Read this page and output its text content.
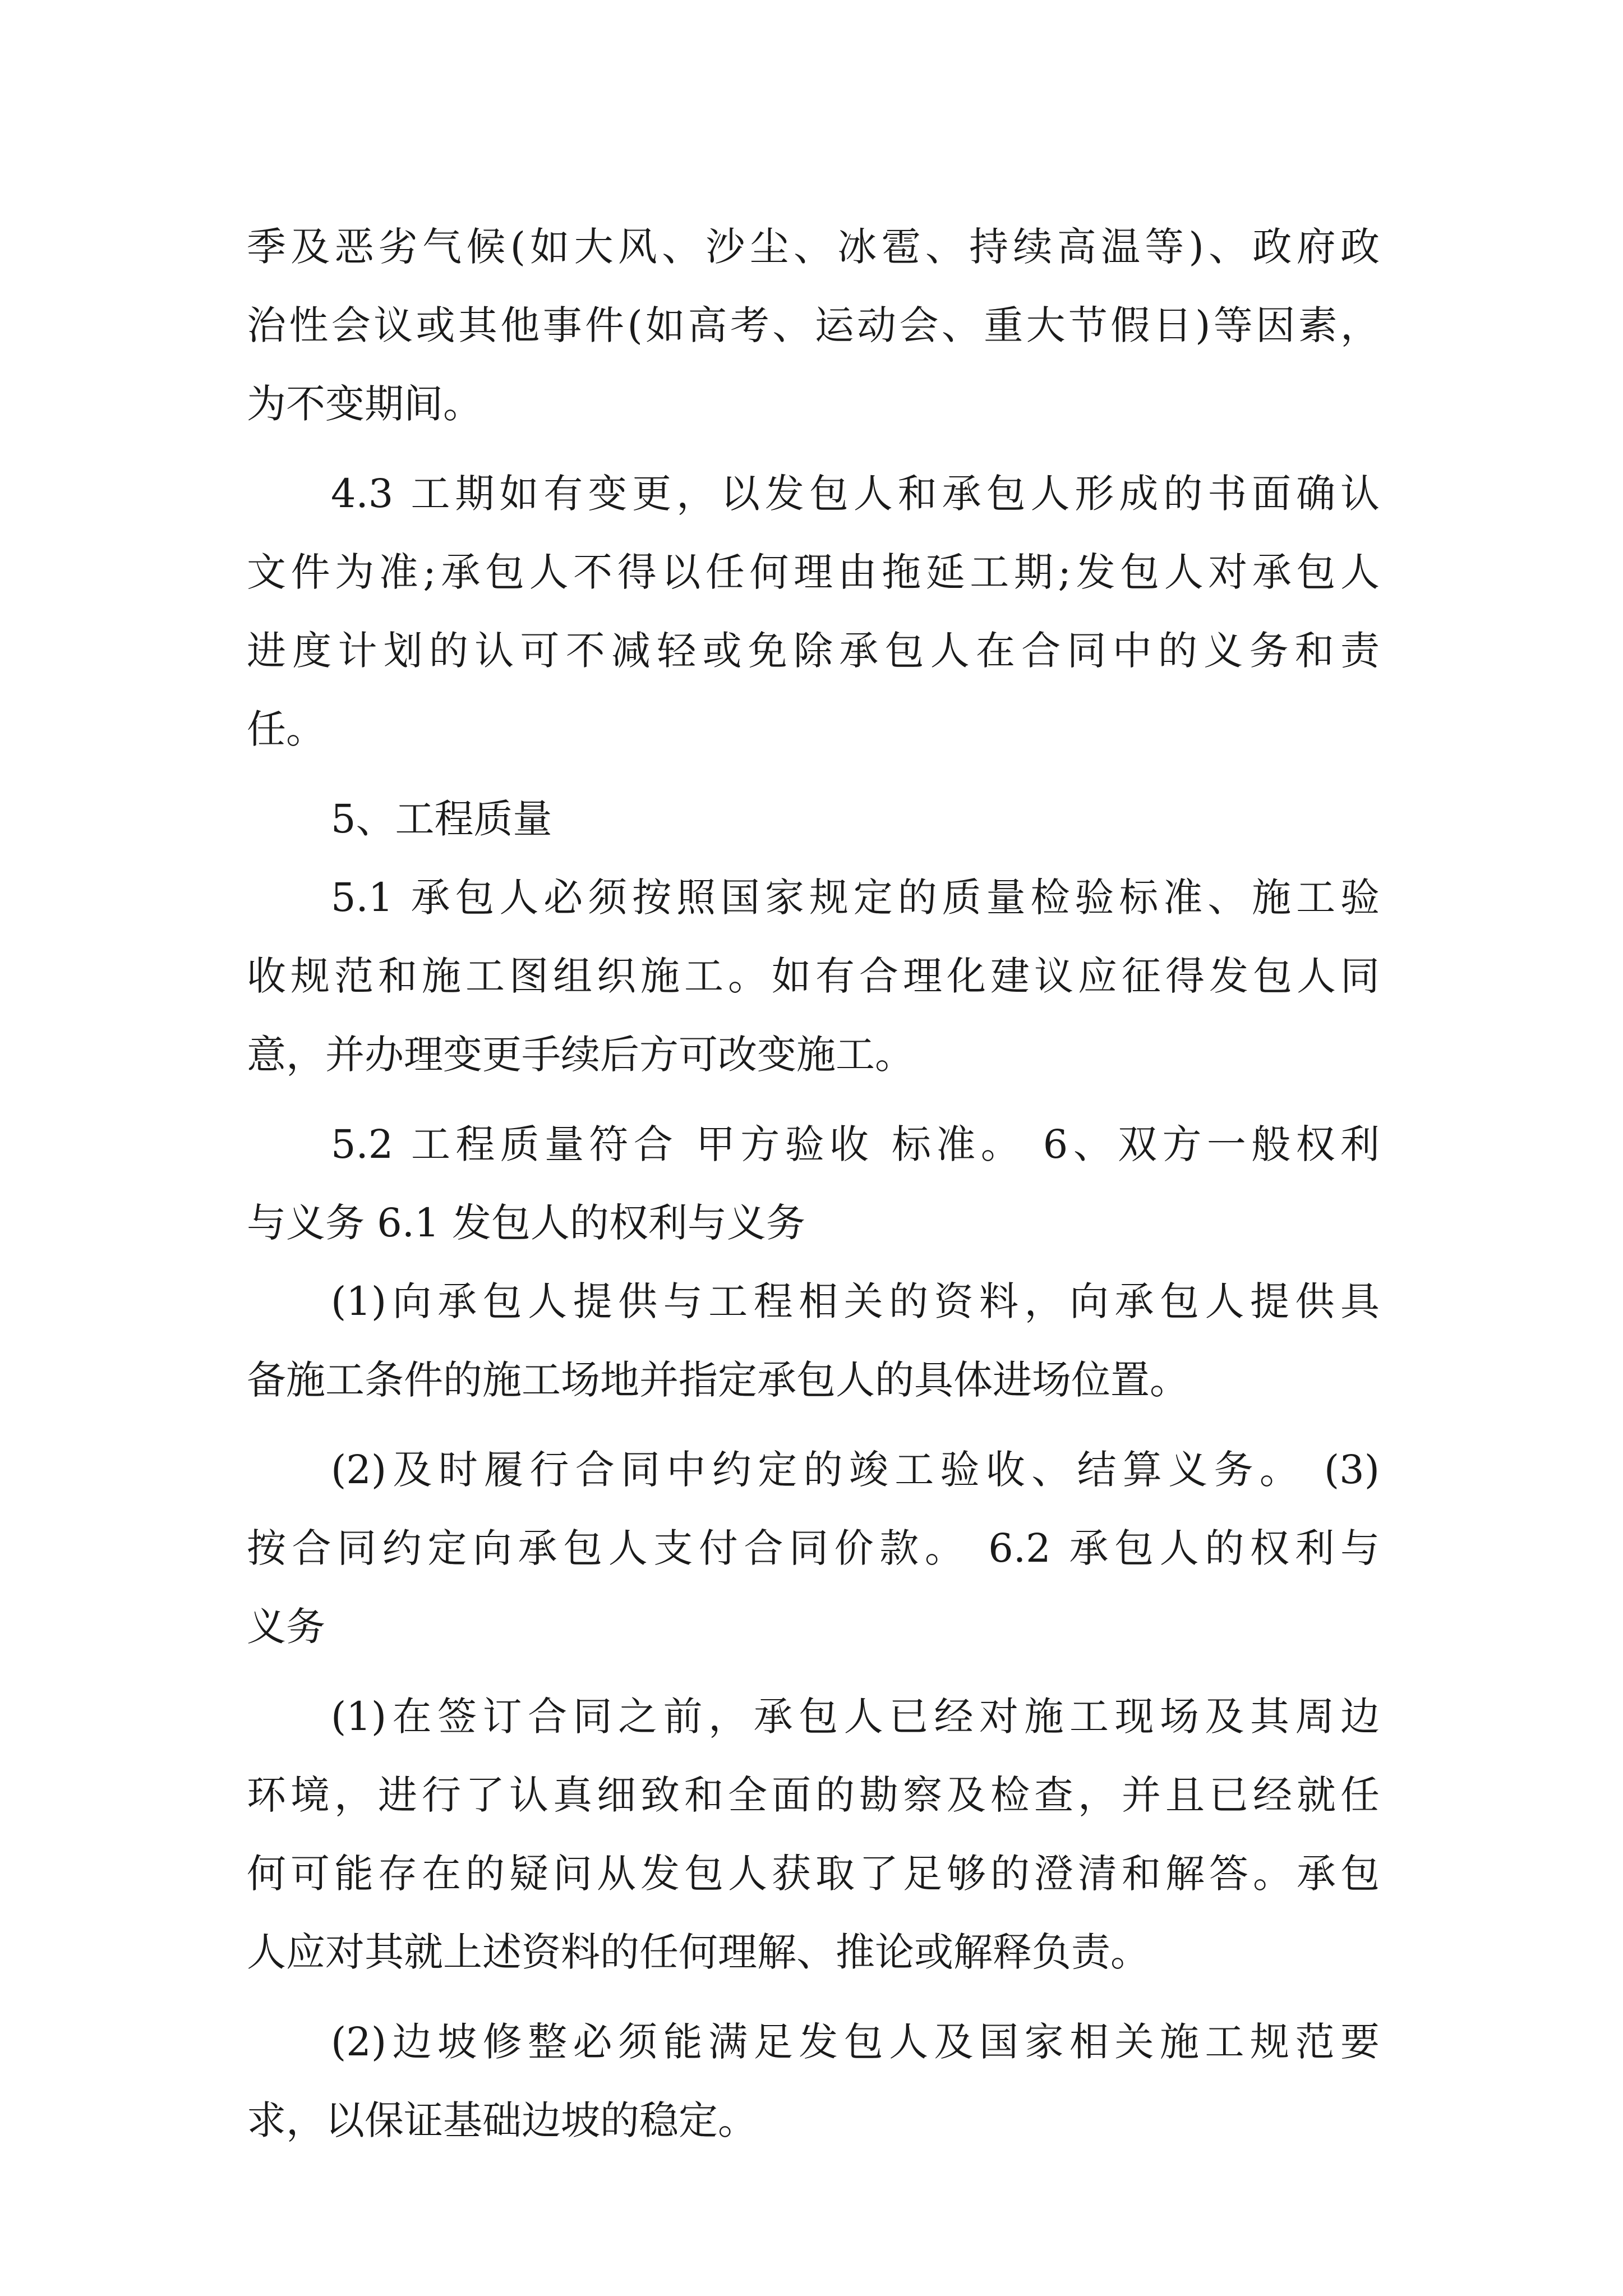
季及恶劣气候(如大风、沙尘、冰雹、持续高温等)、政府政
治性会议或其他事件(如高考、运动会、重大节假日)等因素，
为不变期间。
4.3 工期如有变更，以发包人和承包人形成的书面确认
文件为准;承包人不得以任何理由拖延工期;发包人对承包人
进度计划的认可不减轻或免除承包人在合同中的义务和责
任。
5、工程质量
5.1 承包人必须按照国家规定的质量检验标准、施工验
收规范和施工图组织施工。如有合理化建议应征得发包人同
意，并办理变更手续后方可改变施工。
5.2 工程质量符合 甲方验收 标准。 6、双方一般权利
与义务 6.1 发包人的权利与义务
(1)向承包人提供与工程相关的资料，向承包人提供具
备施工条件的施工场地并指定承包人的具体进场位置。
(2)及时履行合同中约定的竣工验收、结算义务。 (3)
按合同约定向承包人支付合同价款。 6.2 承包人的权利与
义务
(1)在签订合同之前，承包人已经对施工现场及其周边
环境，进行了认真细致和全面的勘察及检查，并且已经就任
何可能存在的疑问从发包人获取了足够的澄清和解答。承包
人应对其就上述资料的任何理解、推论或解释负责。
(2)边坡修整必须能满足发包人及国家相关施工规范要
求，以保证基础边坡的稳定。
